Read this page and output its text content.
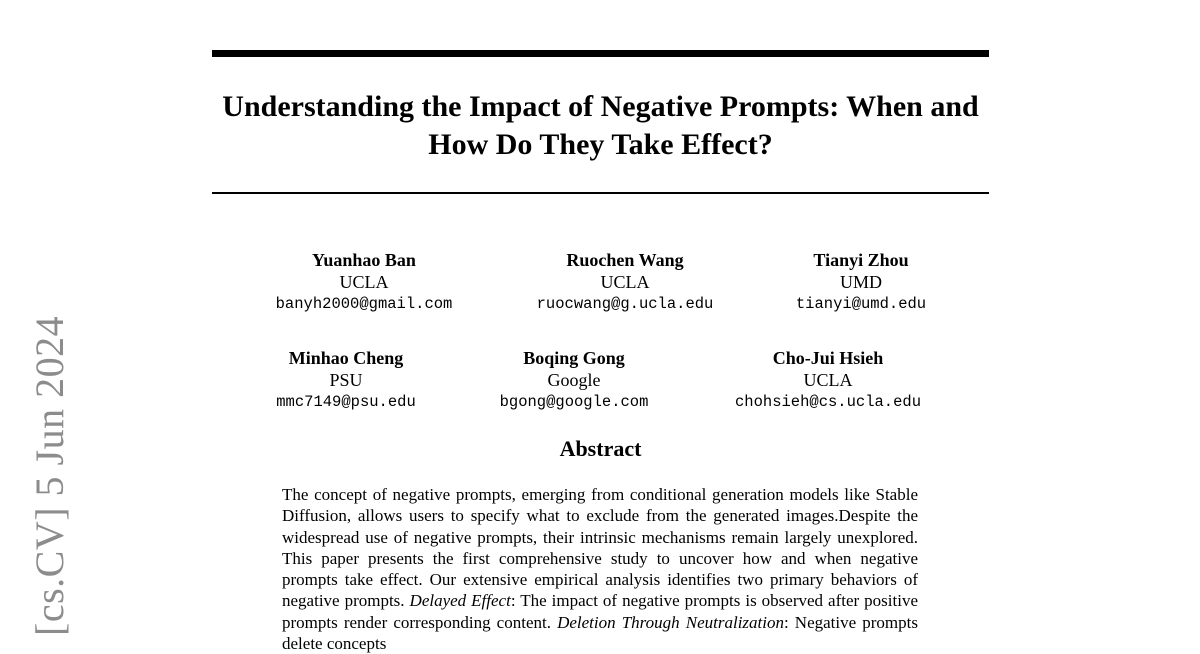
Understanding the Impact of Negative Prompts: When and How Do They Take Effect?
Yuanhao Ban
UCLA
banyh2000@gmail.com
Ruochen Wang
UCLA
ruocwang@g.ucla.edu
Tianyi Zhou
UMD
tianyi@umd.edu
Minhao Cheng
PSU
mmc7149@psu.edu
Boqing Gong
Google
bgong@google.com
Cho-Jui Hsieh
UCLA
chohsieh@cs.ucla.edu
Abstract
The concept of negative prompts, emerging from conditional generation models like Stable Diffusion, allows users to specify what to exclude from the generated images.Despite the widespread use of negative prompts, their intrinsic mechanisms remain largely unexplored. This paper presents the first comprehensive study to uncover how and when negative prompts take effect. Our extensive empirical analysis identifies two primary behaviors of negative prompts. Delayed Effect: The impact of negative prompts is observed after positive prompts render corresponding content. Deletion Through Neutralization: Negative prompts delete concepts
[cs.CV] 5 Jun 2024
